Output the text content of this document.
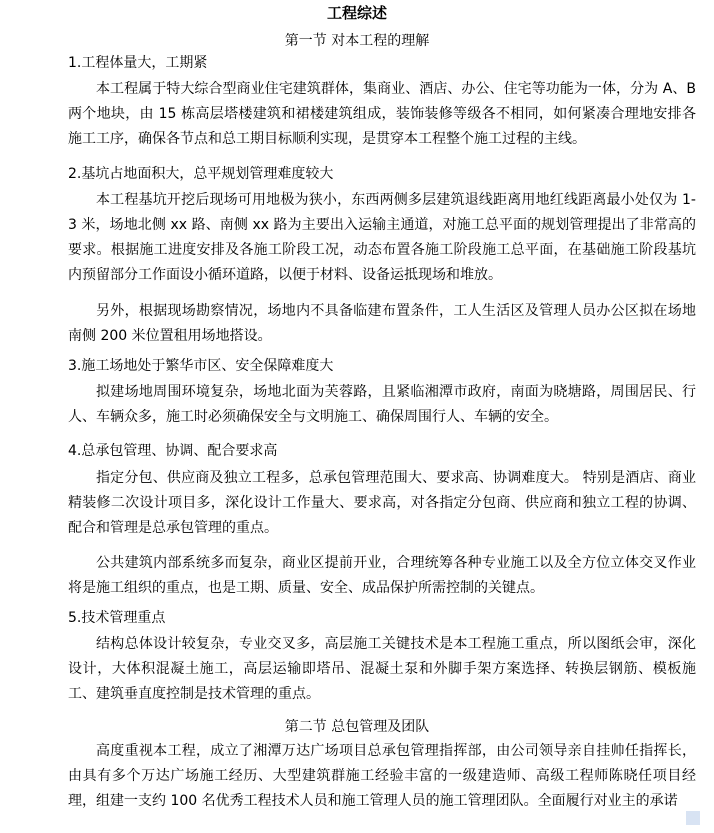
工程综述
第一节 对本工程的理解
1.工程体量大，工期紧
本工程属于特大综合型商业住宅建筑群体，集商业、酒店、办公、住宅等功能为一体，分为 A、B两个地块，由 15 栋高层塔楼建筑和裙楼建筑组成，装饰装修等级各不相同，如何紧凑合理地安排各施工工序，确保各节点和总工期目标顺利实现，是贯穿本工程整个施工过程的主线。
2.基坑占地面积大，总平规划管理难度较大
本工程基坑开挖后现场可用地极为狭小，东西两侧多层建筑退线距离用地红线距离最小处仅为 1-3 米，场地北侧 xx 路、南侧 xx 路为主要出入运输主通道，对施工总平面的规划管理提出了非常高的要求。根据施工进度安排及各施工阶段工况，动态布置各施工阶段施工总平面，在基础施工阶段基坑内预留部分工作面设小循环道路，以便于材料、设备运抵现场和堆放。
另外，根据现场勘察情况，场地内不具备临建布置条件，工人生活区及管理人员办公区拟在场地南侧 200 米位置租用场地搭设。
3.施工场地处于繁华市区、安全保障难度大
拟建场地周围环境复杂，场地北面为芙蓉路，且紧临湘潭市政府，南面为晓塘路，周围居民、行人、车辆众多，施工时必须确保安全与文明施工、确保周围行人、车辆的安全。
4.总承包管理、协调、配合要求高
指定分包、供应商及独立工程多，总承包管理范围大、要求高、协调难度大。 特别是酒店、商业精装修二次设计项目多，深化设计工作量大、要求高，对各指定分包商、供应商和独立工程的协调、配合和管理是总承包管理的重点。
公共建筑内部系统多而复杂，商业区提前开业，合理统筹各种专业施工以及全方位立体交叉作业将是施工组织的重点，也是工期、质量、安全、成品保护所需控制的关键点。
5.技术管理重点
结构总体设计较复杂，专业交叉多，高层施工关键技术是本工程施工重点，所以图纸会审，深化设计，大体积混凝土施工，高层运输即塔吊、混凝土泵和外脚手架方案选择、转换层钢筋、模板施工、建筑垂直度控制是技术管理的重点。
第二节 总包管理及团队
高度重视本工程，成立了湘潭万达广场项目总承包管理指挥部，由公司领导亲自挂帅任指挥长，由具有多个万达广场施工经历、大型建筑群施工经验丰富的一级建造师、高级工程师陈晓任项目经理，组建一支约 100 名优秀工程技术人员和施工管理人员的施工管理团队。全面履行对业主的承诺
